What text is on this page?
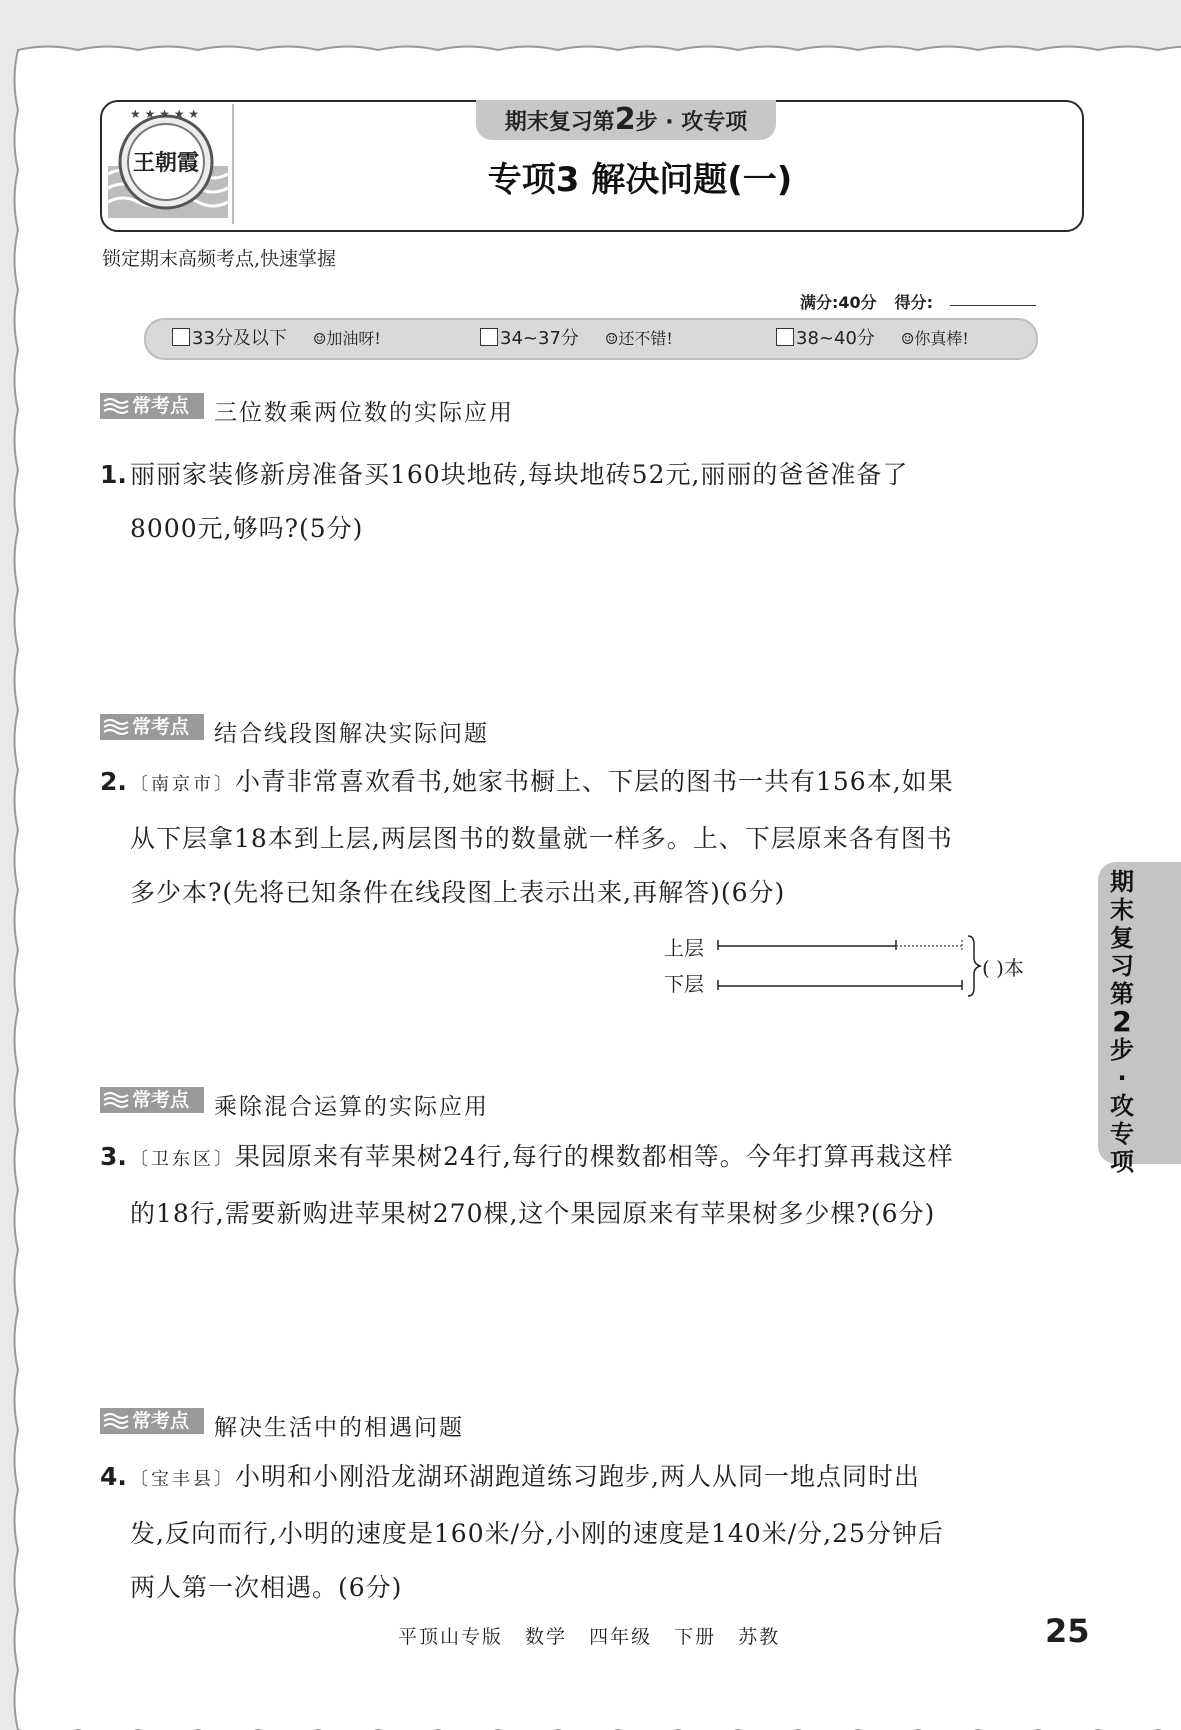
★ ★ ★ ★ ★
王朝霞
期末复习第2步 · 攻专项
专项3 解决问题(一)
锁定期末高频考点,快速掌握
满分:40分 得分:
33分及以下 ☺加油呀!	34~37分 ☺还不错!	38~40分 ☺你真棒!
常考点 三位数乘两位数的实际应用
1. 丽丽家装修新房准备买160块地砖,每块地砖52元,丽丽的爸爸准备了
8000元,够吗?(5分)
常考点 结合线段图解决实际问题
2. 〔南京市〕小青非常喜欢看书,她家书橱上、下层的图书一共有156本,如果
从下层拿18本到上层,两层图书的数量就一样多。上、下层原来各有图书
多少本?(先将已知条件在线段图上表示出来,再解答)(6分)
上层
下层
( )本
常考点 乘除混合运算的实际应用
3. 〔卫东区〕果园原来有苹果树24行,每行的棵数都相等。今年打算再栽这样
的18行,需要新购进苹果树270棵,这个果园原来有苹果树多少棵?(6分)
常考点 解决生活中的相遇问题
4. 〔宝丰县〕小明和小刚沿龙湖环湖跑道练习跑步,两人从同一地点同时出
发,反向而行,小明的速度是160米/分,小刚的速度是140米/分,25分钟后
两人第一次相遇。(6分)
期
末
复
习
第
2
步
·
攻
专
项
平顶山专版 数学 四年级 下册 苏教	25
